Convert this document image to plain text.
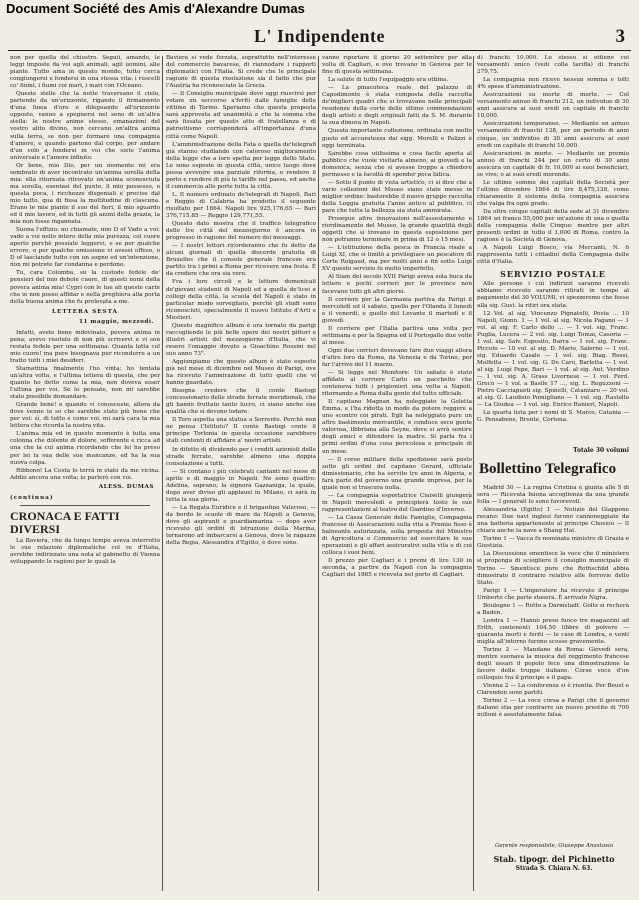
Document Société des Amis d'Alexandre Dumas
L' Indipendente	3

non per quella del chiostro. Seguii, amando, le leggi imposte da voi agli animali, agli uomini, alle piante. Tutto ama in questo mondo, tutto cerca congiungersi e fondersi in una stessa vita: i ruscelli co' fiumi, i fiumi coi mari, i mari con l'Oceano.

Queste stelle che la notte traversano il cielo, partendo da un'orizzonte, rigando il firmamento d'una linea d'oro e dileguando all'orizzonte opposto, vanno a spegnersi nel seno di un'altra stella: le nostre anime stesse, emanazioni del vostro alito divino, non cercano un'altra anima sulla terra, se non per formare una compagnia d'amore, e quando partono dal corpo, per andare d'un volo a fondersi in voi che siete l'anima universale e l'amore infinito.

Or bene, mio Dio, per un momento mi era sembrato di aver incontrato un'anima sorella della mia: ella ritornata ritrovato un'anima sconosciuta ma sorella, esentasi del punto, il mio possesso, o questa poca, i ricchezze disgeniali e precise dal mio tutto, qua di fissa la moltitudine di ciascuna. Erano le mie piante il suo dei fiori, il mio sguardo ed il mio lavoro, ed in tutti gli animi della grazia, la mia non fosse ingannata.

Suona l'effizio: mi chiamate, mio D of Vado a voi: vado a voi nello intero della mia purezza, col cuore aperto perchè possiate leggervi, e se per qualche errore, o per qualche omissione vi avessi offeso, o D of lasciando tutto con un sogno ed un'intenzione, non mi potrete far condanna e perdono.

Tu, cara Colomba, sii la custode fedele de' pensieri del mio debole cuore, di questi nomi della povera anima mia! Cypri con le tue ali queste carte che io non posso affidar e nella preghiera alla porta della buona anima che fu prelevata a me.

LETTERA SESTA
11 maggio, mezzodì.

Infatti, avete bene indovinato, povera anima in pena; avevo risoluto di non più scrivervi e vi son restata fedele per una settimana. Quanta lotta col mio cuore! ma pure bisognava pur ricondurre a un tratto tutti i miei desideri.

Stamattina finalmente l'ho vinta; ho tentata un'altra volta, e l'ultima lettera di questa, che per quanto ho detto come la mia, non doveva esser l'ultima per voi. Se lo pensate, non mi sarebbe stato possibile domandare.

Grande bene! e quando vi conosceste, allora da dove venne io so che sarebbe stato più bene che per voi: sì, di tutto e come voi, mi sarà cara la mia lettera che ricorda la nostra vita.

L'anima mia ed in questo momento è tutta una colonna che dolente di dolore, sofferente e ricca ad una che la cui anima ricordando che lei ha preso per lei la sua delle sue mancanze, ed ha la sua nuova colpa.

Ribbono! La Costa lo terrà in stato da me vicina. Addio ancora una volta; io parlerò con voi.

ALESS. DUMAS
(continua)
CRONACA E FATTI DIVERSI

La Baviera, che da lungo tempo aveva interrotto le sue relazioni diplomatiche col re d'Italia, avrebbe indirizzato una nota al gabinetto di Vienna sviluppando le ragioni per le quali la

Baviera si vede forzata, soprattutto nell'interesse del commercio bavarese, di riannodare i rapporti diplomatici con l'Italia. Si crede che le principale ragione di questa risoluzione sia il fatto che pur l'Austria ha riconosciuto la Grecia.

— Il Consiglio municipale dove oggi riuscirsi per votare un soccorso a'feriti dalle famiglie delle vittime di Torino. Speriamo che questa proposta sarà approvata ad unanimità e che la somma che sarà fissata per questo atto di fratellanza e di patriottismo corrisponderà all'importanza d'una città come Napoli.

L'amministrazione della Fata e quella de'telegrafi già stanno studiando con caloroso miglioramento della legge che a loro spetta per legge dello Stato. Le sono esposte in questa città, unico luogo dove possa avvenire una parziale riforma, e rendere il porto e rendere di più le tariffe nel paese, ed anche il commercio alle porte tutta la città.

L. Il numero ordinato de'telegrafi di Napoli, Bari e Reggio di Calabria ha prodotto il seguente risultato per 1864: Napoli lire 925,176,65 — Bari 376,715,85 — Reggio 129,771,55.

Questo dato mostra che il traffico telegrafico delle tre città del mezzogiorno è ancora in progresso in ragione del numero dei messaggi.

— I nostri lettori ricorderanno che fu detto da alcuni giornali di quella discorde gratuita di Bruxelles che il console generale francese era partito tra i primi a Roma per ricevere una festa. È da credere che ora sia vero.

Fra i loro circoli e le letture domenicali de'giovani studenti di Napoli ed a quella de'licei e collegi della città, la scuola del Napoli è stato in particolar modo sorvegliato, perchè gli studi sono riconosciuti, specialmente il nuovo Istituto d'Arti e Mestieri.

Questo magnifico album è ora tornato da parigi raccogliendo le più belle opere dei nostri pittori e illustri artisti del mezzogiorno d'Italia, che vi resero l'omaggio dovuto a Gioachino Rossini nel suo anno 73°.

Aggiungiamo che questo album è stato esposto già nel mese di dicembre nel Museo di Parigi, ove ha ricevuto l'ammirazione di tutti quelli che vi hanno guardato.

Bisogna credere che il conte Bastogi concessionario delle strade ferrate meridionali, che gli hanno fruttato tanto lucro, ci siano anche sue qualità che si devono lodare.

Il Toro aspetta una statua a Sorrento. Perchè non ne pensa l'Istituto? Il conte Bastogi conte il principe Torlonia in questa occasione sarebbero stati contenti di affidare a' nostri artisti.

In difetto di dividendo per i crediti azionisti delle strade ferrate, sarebbe almeno una doppia consolazione a tutti.

— Si contano i più celebrati cantanti nel mese di aprile e di maggio in Napoli. Ne sono quattro: Adelina, soprano; la signora Gazzaniga, la quale, dopo aver diviso gli applausi in Milano, ci sarà in tutta la sua gloria.

— La Regata Euridice e il brigantino Valeroso, — da bordo le scuole di mare da Napoli a Genova, dove gli aspiranti e guardiamarina — dopo aver ricevuto gli ordini di istruzione della Marina, tornarono ad imbarcarsi a Genova, dove le ragazze della Regia, Alessandra d'Egitto, è dove sono.

vanno riportare il giorno 20 settembre per alla volta di Cagliari, e ove trovano in Genova per le fine di questa settimana.

La salute di tutto l'equipaggio era ottima.

— La pinacoteca reale del palazzo di Capodimonte è stata composta della raccolta de'migliori quadri che si trovavano nelle principali residenze della corte delle ultime commendazioni degli artisti e degli originali fatti da S. M. durante la sua dimora in Napoli.

Questa importante collezione, ordinata con molto gusto ed accuratezza dai sigg. Morelli e Palizzi è oggi terminata.

Sarebbe cosa utilissima e cosa facile aperta al pubblico che vuole visitarla almeno, ai giovedì e la domenica, senza che si avesse troppo a chiedere permesso e la facoltà di spender poca fatica.

— Sotto il punto di vista artistico, ci si dice che a varie collezioni del Museo siano state messe in miglior ordine: basterebbe il nuovo gruppo raccolta della Loggia gratuita l'anno antico al pubblico, ci pare che tutta la bellezza sia stata ammirata.

Prosegue altre innovazioni nell'assestamento e riordinamento del Museo, la grande quantità degli oggetti che si trovano in questa esposizione per non potranno terminare in prima di 12 o 15 mesi.

— L'istituzione della pesca in Francia risale a Luigi XI, che si limitò a privilegiare un pescatore di Corte Roigaud, ma per molti anni e fin sotto Luigi XV questo servizio fu molto imperfetto.

Al Siam del secolo XVII Parigi aveva sola buca da lettere e pochi corrieri per le province non facevano tutti gli altri giorni.

Il corriere per la Germania partiva da Parigi il mercoledì ed il sabato, quello per l'Olanda il lunedì e il venerdì, e quello del Levante il martedì e il giovedì.

Il corriere per l'Italia partiva una volta per settimana e per la Spagna ed il Portogallo due volte al mese.

Ogni due corrieri dovevano fare due viaggi allora d'altre loro da Roma, da Venezia e da Torino, per far l'arrivo del 11 marzo.

— Si legge nel Monitore: Un sabato è stato affidato al corriere Carlo un pacchetto che conteneva tutti i prigionieri una volta a Napoli, ritornando a Roma dalla gente del tutto ufficiale.

Il capitano Magnan ha noleggiato la Goletta Emma, e l'ha ridotta in modo da potere reggere a uno scontro coi pirati. Egli ha noleggiato pure un altro bastimento mercantile, e conduce seco gente valorosa, libbriana alla Seyne, dove si avrà sentire degli amici e difendere la madre. Si parla fra i primi ordini d'una cosa pericolosa e principale di un mese.

— Il corso militare della spedizione sarà posto sotto gli ordini del capitano Gerard, ufficiale dimissionario, che ha servito tre anni in Algeria, e farà parte del governo una grande impresa, per la quale non si trascura nulla.

— La compagnia esportatrice Ciaiselli giungerà in Napoli mercoledì e principierà tosto le sue rappresentazioni al teatro del Giardino d'Inverno.

— La Cassa Generale delle Famiglie, Compagnia francese di Assicurazioni sulla vita a Premio fisso è balneante autorizzata, sulla proposta del Ministro di Agricoltura e Commercio ad esercitare le sue operazioni e gli affari assicurativi sulla vita e di cui colloca i suoi beni.

Il prezzo per Cagliari e i premi di lire 130 in seconda, a partire da Napoli con la compagnia Cagliari del 1865 e ricevuta nel porto di Cagliari.

d) franchi 10,000. Lo stesso si ottiene coi versamenti unico (vedi colla tariffa) di franchi 279,75.

La compagnia non riceve nessun somma e tolti 4% spese d'amministrazione.

Assicurazioni su morte di morte. — Col versamento annuo di franchi 212, un individuo di 30 anni assicura ai suoi eredi un capitale di franchi 10,000.

Assicurazioni temporanee. — Mediante un annuo versamento di franchi 128, per un periodo di anni cinque, un individuo di 30 anni assicura ai suoi eredi un capitale di franchi 10,000.

Assicurazioni in morte. — Mediante un premio annuo di franchi 244 per un certo di 30 anni assicura un capitale di fr. 10,000 ai suoi beneficiari, se vive; o ai suoi eredi morendo.

Le ultime somme dei capitali della Società per l'ultimo dicembre 1864 di lire 8,475,128, come chiaramente il sistema della compagnia assicura che valga fra ogni grado.

Da oltre cinque capitali della sede al 31 dicembre 1864 un franco 55,000 per un'azione di una o quella della compagnia delle Cinque: mentre per altri presenti ordini in tutto il 1,000 di Roma, contro la ragione è la Società di Genova.

A Napoli Luigi Bosco, via Mercanti, N. 6 rappresenta tutti i cittadini della Compagnia delle città d'Italia.

SERVIZIO POSTALE

Alle persone i cui indirizzi saranno ricevuti abbiamo ricevuto saranno ritirati in tempo al pagamento del 30 VOLUMI, vi spezzeremo che fosse alla sig. Gust. la ritiri ora stata.

12 Vol. al sig. Vincenzo Pignatelli, Posta ... 10 Napoli, Gionn. 1 — 1 vol. al sig. Nicola Pagano — 1 vol. al sig. F. Carlo dello ... — 1 vol. sig. Franc. Puglia, Lucera — 2 vol. sig. Luigi Tomai, Casoria — 1 vol. sig. Salv. Esposito, Barra — 1 vol. sig. Franc. Piccolo — 10 vol. al sig. D. Mario, Salerno — 1 vol. sig. Eduardo Casale — 1 vol. sig. Biag. Rossi, Molfetta — 1 vol. sig. G. De Caro, Barletta — 1 vol. al sig. Luigi Pepe, Bari — 1 vol. al sig. Ant. Verdino — 1 vol. sig. A. Grass Livornese — 1 vol. Ferd. Greco — 1 vol. a Basile 17 ..., sig. L. Reguzzoni — Pietro Cacciapuoti sig. Spinelli, Catanzaro — 20 vol. al sig. G. Laudisio Pomigliano — 1 vol. sig. Rastello — La Giudea — 1 vol. sig. Enrico Ranieri, Napoli.

La quarta lista per i nomi di S. Marco, Catania — G. Pensabene, Bronte, Cortona.

Totale 30 volumi
Bollettino Telegrafico

Madrid 30 — La regina Cristina è giunta alle 5 di sera — Ricevuta buona accoglienza da una grande folla — I generali lo sono favorevoli.

Alessandria (Egitto) 1 — Notizie del Giappone recano: Due navi inglesi furono cannoneggiate da una batteria appartenente al principe Chosiou — Il chiara anche la nave a Shang Hai.

Torino 1 — Vacca fu nominato ministro di Grazia e Giustizia.

La Discussione smentisce la voce che il ministero si proponga di sciogliere il consiglio municipale di Torino — Smentisce pure che Rothschild abbia dimostrato il contrario relativo alle ferrovie dello Stato.

Parigi 1 — L'imperatore ha ricevuto il principe Umberto che parte stasera. È arrivato Nigra.

Boulogne 1 — Rotto a Darmstadt. Goltz si recherà a Baden.

Londra 1 — Hanno preso fuoco tre magazzini ad Erith, contenenti 104,50 libbre di polvere — quaranta morti e feriti — le case di Londra, e venti miglia all'intorno furono scosse gravemente.

Torino 2 — Mandano da Roma: Giovedì sera, mentre suonava la musica del reggimento francese degli ussari il popolo fece una dimostrazione la favore delle truppe italiane. Corse voce d'un colloquio tra il principe e il papa.

Vienna 2 — La conferenza si è riunita. Per Beust e Clarendon sono partiti.

Torino 2 — La voce corsa a Parigi che il governo italiano stia per contrarre un nuovo prestito di 700 milioni è assolutamente falsa.

Gerente responsabile, Giuseppe Anastasio
Stab. tipogr. del Pichinetto
Strada S. Chiara N. 63.
